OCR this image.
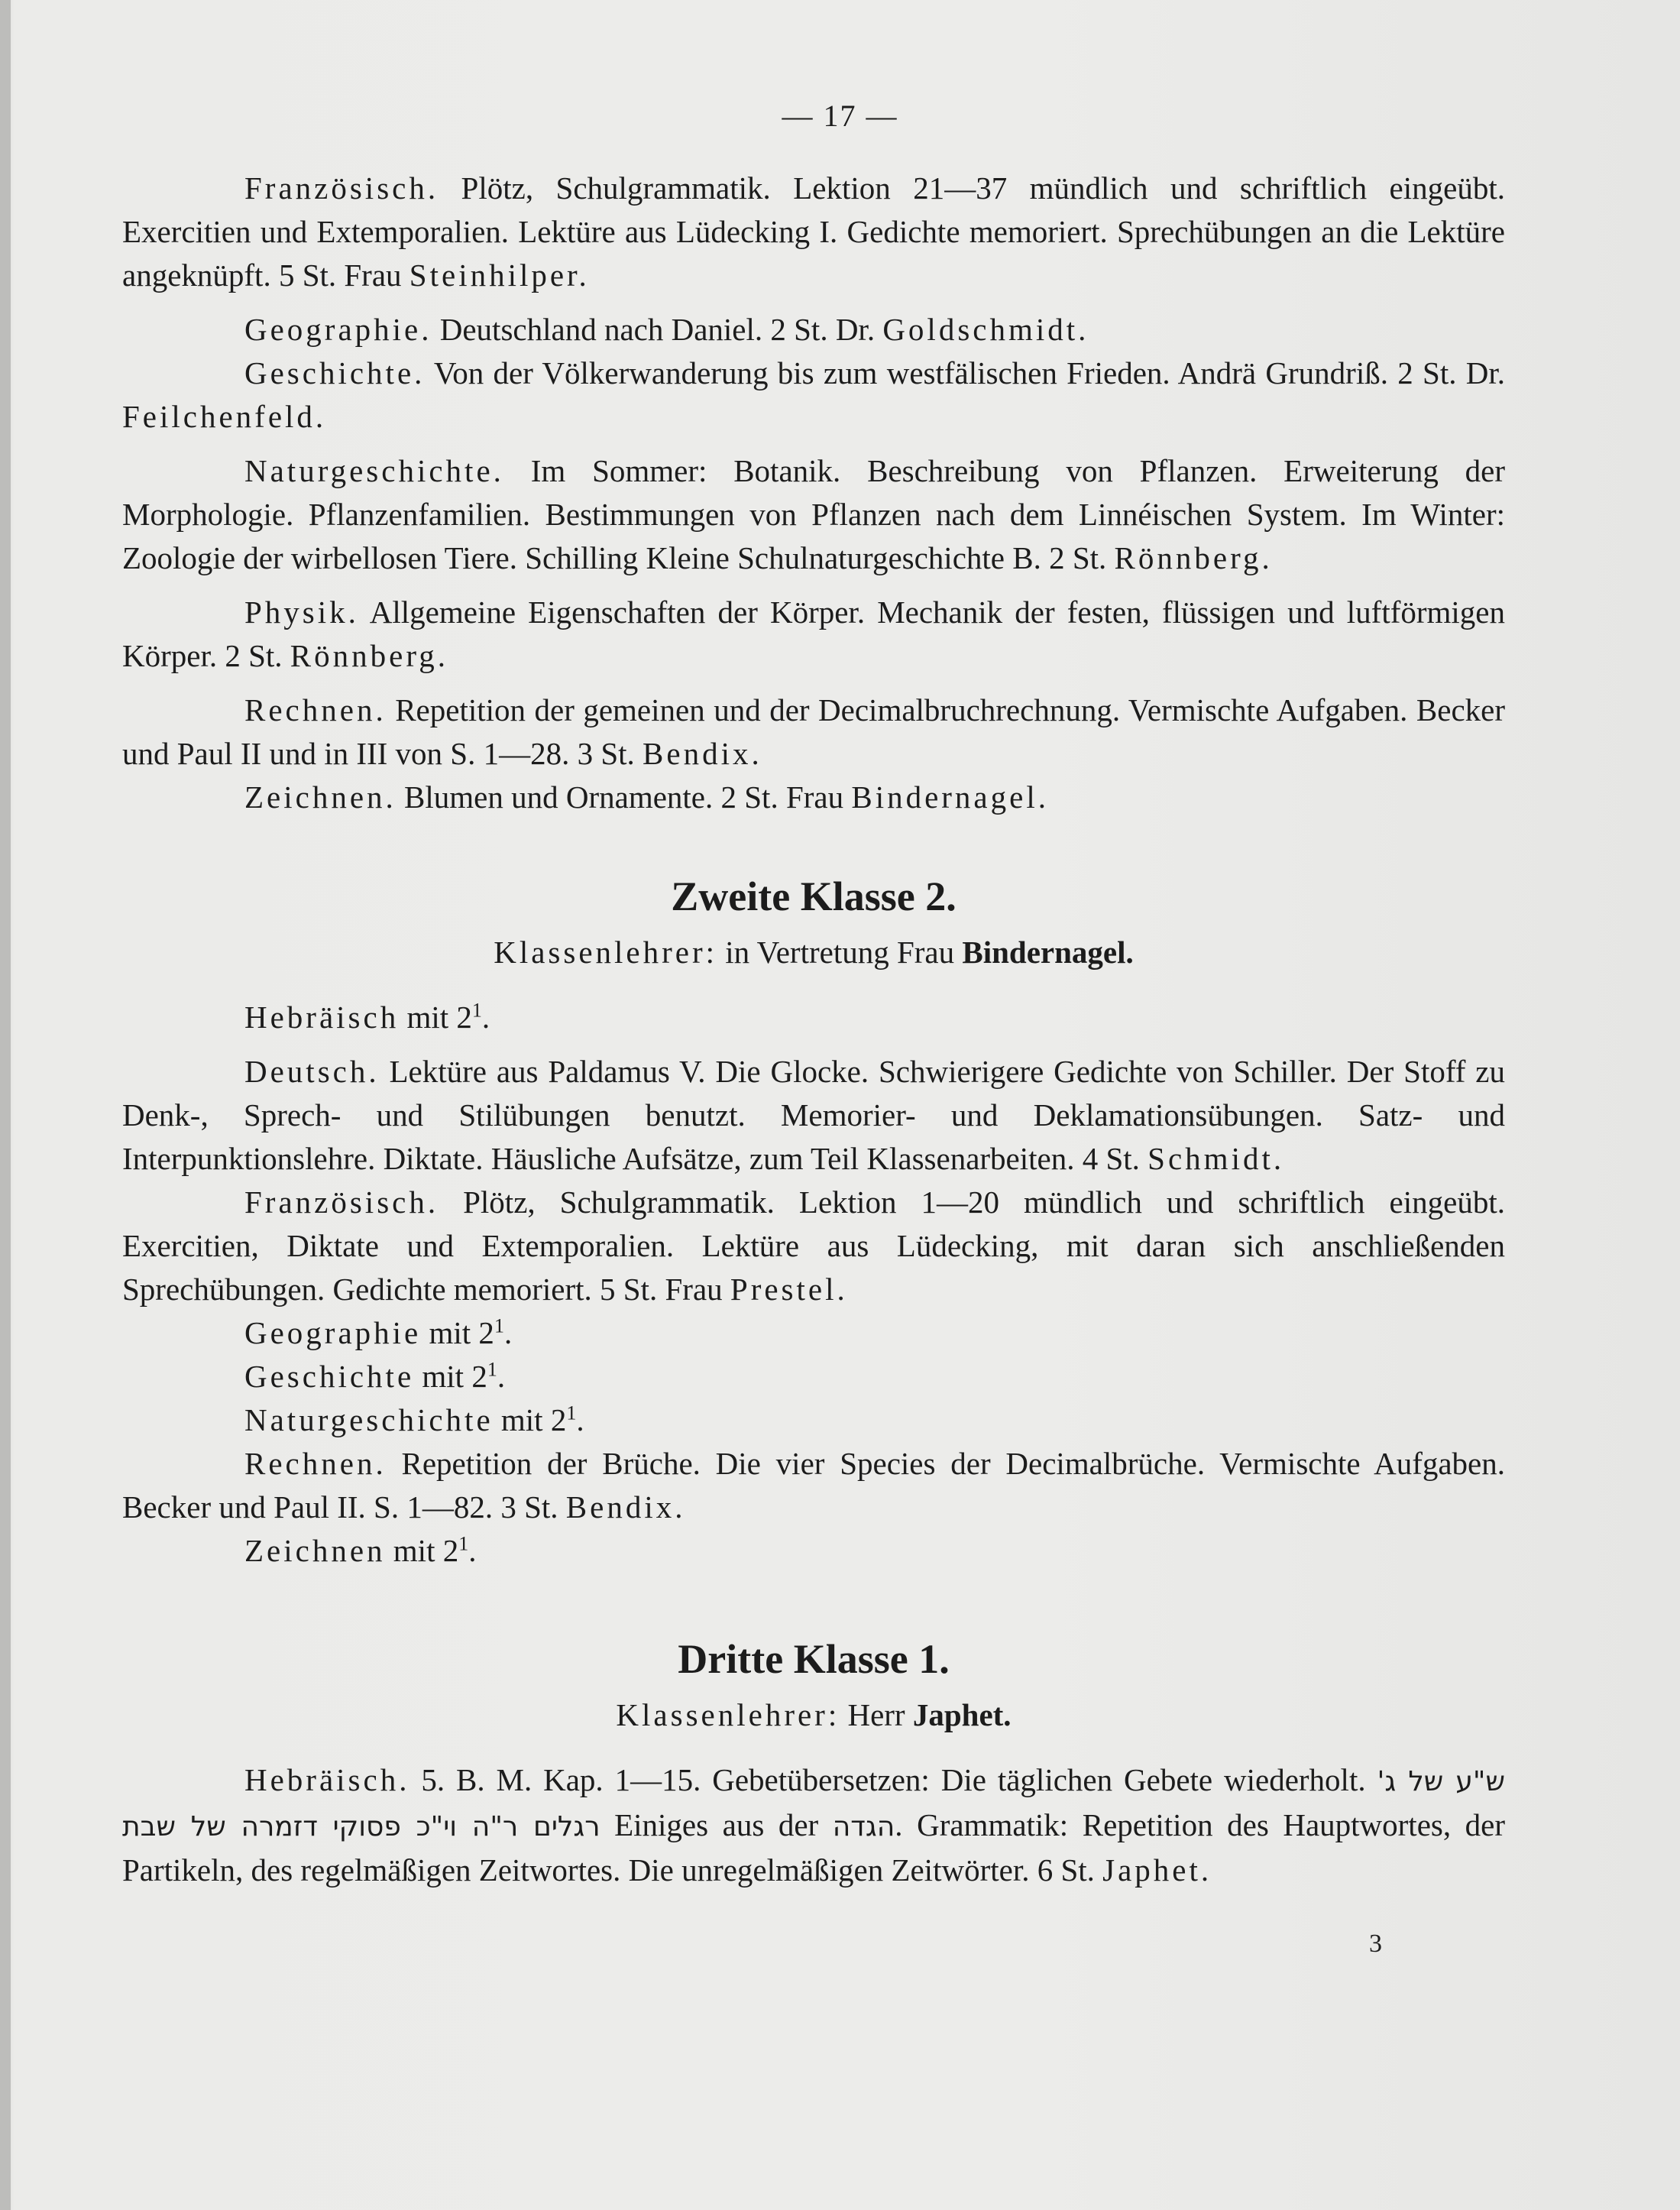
— 17 —

Französisch. Plötz, Schulgrammatik. Lektion 21—37 mündlich und schriftlich eingeübt. Exercitien und Extemporalien. Lektüre aus Lüdecking I. Gedichte memoriert. Sprechübungen an die Lektüre angeknüpft. 5 St. Frau Steinhilper.

Geographie. Deutschland nach Daniel. 2 St. Dr. Goldschmidt.

Geschichte. Von der Völkerwanderung bis zum westfälischen Frieden. Andrä Grundriß. 2 St. Dr. Feilchenfeld.

Naturgeschichte. Im Sommer: Botanik. Beschreibung von Pflanzen. Erweiterung der Morphologie. Pflanzenfamilien. Bestimmungen von Pflanzen nach dem Linnéischen System. Im Winter: Zoologie der wirbellosen Tiere. Schilling Kleine Schulnaturgeschichte B. 2 St. Rönnberg.

Physik. Allgemeine Eigenschaften der Körper. Mechanik der festen, flüssigen und luftförmigen Körper. 2 St. Rönnberg.

Rechnen. Repetition der gemeinen und der Decimalbruchrechnung. Vermischte Aufgaben. Becker und Paul II und in III von S. 1—28. 3 St. Bendix.

Zeichnen. Blumen und Ornamente. 2 St. Frau Bindernagel.

Zweite Klasse 2.

Klassenlehrer: in Vertretung Frau Bindernagel.

Hebräisch mit $2^1$.

Deutsch. Lektüre aus Paldamus V. Die Glocke. Schwierigere Gedichte von Schiller. Der Stoff zu Denk-, Sprech- und Stilübungen benutzt. Memorier- und Deklamationsübungen. Satz- und Interpunktionslehre. Diktate. Häusliche Aufsätze, zum Teil Klassenarbeiten. 4 St. Schmidt.

Französisch. Plötz, Schulgrammatik. Lektion 1—20 mündlich und schriftlich eingeübt. Exercitien, Diktate und Extemporalien. Lektüre aus Lüdecking, mit daran sich anschließenden Sprechübungen. Gedichte memoriert. 5 St. Frau Prestel.

Geographie mit $2^1$.

Geschichte mit $2^1$.

Naturgeschichte mit $2^1$.

Rechnen. Repetition der Brüche. Die vier Species der Decimalbrüche. Vermischte Aufgaben. Becker und Paul II. S. 1—82. 3 St. Bendix.

Zeichnen mit $2^1$.

Dritte Klasse 1.

Klassenlehrer: Herr Japhet.

Hebräisch. 5. B. M. Kap. 1—15. Gebetübersetzen: Die täglichen Gebete wiederholt. ש"ע של ג' רגלים ר"ה וי"כ פסוקי דזמרה של שבת Einiges aus der הגדה. Grammatik: Repetition des Hauptwortes, der Partikeln, des regelmäßigen Zeitwortes. Die unregelmäßigen Zeitwörter. 6 St. Japhet.

3
